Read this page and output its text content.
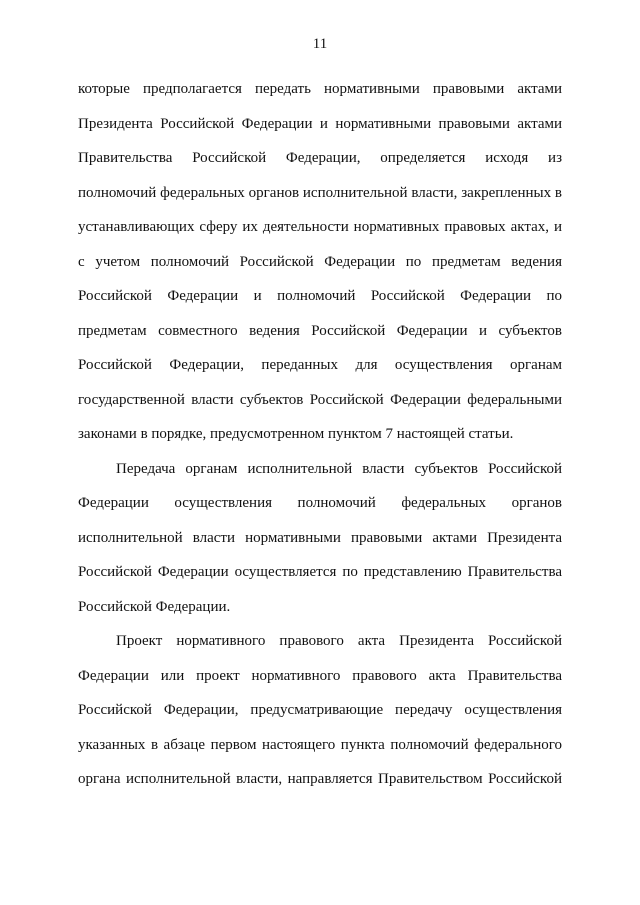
11
которые предполагается передать нормативными правовыми актами
Президента Российской Федерации и нормативными правовыми актами
Правительства Российской Федерации, определяется исходя из
полномочий федеральных органов исполнительной власти, закрепленных в
устанавливающих сферу их деятельности нормативных правовых актах, и
с учетом полномочий Российской Федерации по предметам ведения
Российской Федерации и полномочий Российской Федерации по
предметам совместного ведения Российской Федерации и субъектов
Российской Федерации, переданных для осуществления органам
государственной власти субъектов Российской Федерации федеральными
законами в порядке, предусмотренном пунктом 7 настоящей статьи.
Передача органам исполнительной власти субъектов Российской
Федерации осуществления полномочий федеральных органов
исполнительной власти нормативными правовыми актами Президента
Российской Федерации осуществляется по представлению Правительства
Российской Федерации.
Проект нормативного правового акта Президента Российской
Федерации или проект нормативного правового акта Правительства
Российской Федерации, предусматривающие передачу осуществления
указанных в абзаце первом настоящего пункта полномочий федерального
органа исполнительной власти, направляется Правительством Российской
